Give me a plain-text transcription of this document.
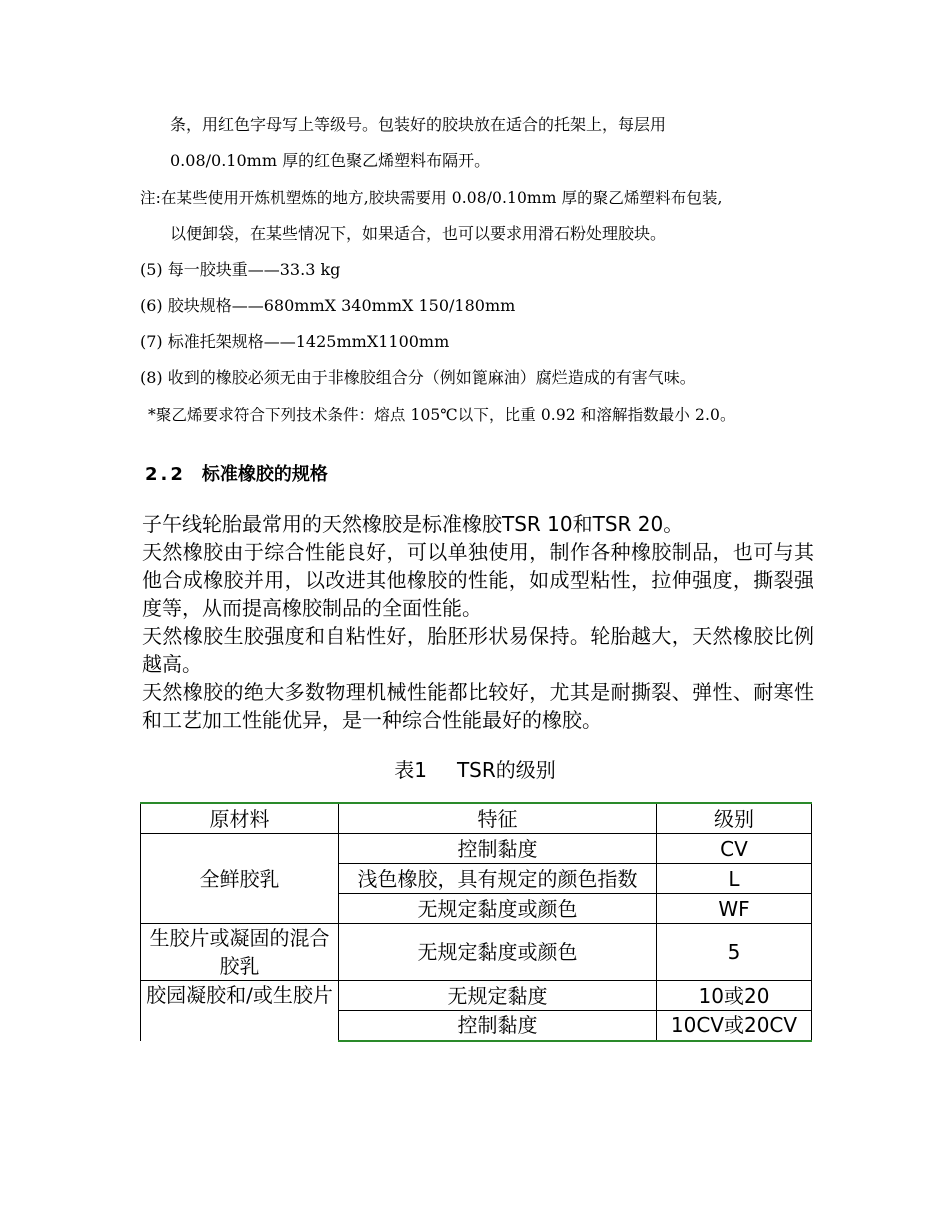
条，用红色字母写上等级号。包装好的胶块放在适合的托架上，每层用
0.08/0.10mm 厚的红色聚乙烯塑料布隔开。
注:在某些使用开炼机塑炼的地方,胶块需要用 0.08/0.10mm 厚的聚乙烯塑料布包装,
以便卸袋，在某些情况下，如果适合，也可以要求用滑石粉处理胶块。
(5) 每一胶块重——33.3 kg
(6) 胶块规格——680mmX 340mmX 150/180mm
(7) 标准托架规格——1425mmX1100mm
(8) 收到的橡胶必须无由于非橡胶组合分（例如篦麻油）腐烂造成的有害气味。
*聚乙烯要求符合下列技术条件：熔点 105℃以下，比重 0.92 和溶解指数最小 2.0。
2.2 标准橡胶的规格
子午线轮胎最常用的天然橡胶是标准橡胶TSR 10和TSR 20。
天然橡胶由于综合性能良好，可以单独使用，制作各种橡胶制品，也可与其他合成橡胶并用，以改进其他橡胶的性能，如成型粘性，拉伸强度，撕裂强度等，从而提高橡胶制品的全面性能。
天然橡胶生胶强度和自粘性好，胎胚形状易保持。轮胎越大，天然橡胶比例越高。
天然橡胶的绝大多数物理机械性能都比较好，尤其是耐撕裂、弹性、耐寒性和工艺加工性能优异，是一种综合性能最好的橡胶。
表1 TSR的级别
原材料	特征	级别
全鲜胶乳	控制黏度	CV
	浅色橡胶，具有规定的颜色指数	L
	无规定黏度或颜色	WF
生胶片或凝固的混合胶乳	无规定黏度或颜色	5
胶园凝胶和/或生胶片	无规定黏度	10或20
	控制黏度	10CV或20CV
